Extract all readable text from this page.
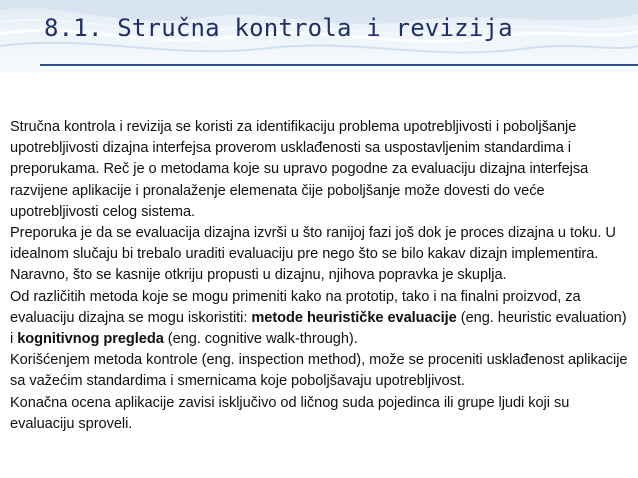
8.1. Stručna kontrola i revizija

Stručna kontrola i revizija se koristi za identifikaciju problema upotrebljivosti i poboljšanje upotrebljivosti dizajna interfejsa proverom usklađenosti sa uspostavljenim standardima i preporukama. Reč je o metodama koje su upravo pogodne za evaluaciju dizajna interfejsa razvijene aplikacije i pronalaženje elemenata čije poboljšanje može dovesti do veće upotrebljivosti celog sistema.

Preporuka je da se evaluacija dizajna izvrši u što ranijoj fazi još dok je proces dizajna u toku. U idealnom slučaju bi trebalo uraditi evaluaciju pre nego što se bilo kakav dizajn implementira. Naravno, što se kasnije otkriju propusti u dizajnu, njihova popravka je skuplja.

Od različitih metoda koje se mogu primeniti kako na prototip, tako i na finalni proizvod, za evaluaciju dizajna se mogu iskoristiti: metode heurističke evaluacije (eng. heuristic evaluation) i kognitivnog pregleda (eng. cognitive walk-through).

Korišćenjem metoda kontrole (eng. inspection method), može se proceniti usklađenost aplikacije sa važećim standardima i smernicama koje poboljšavaju upotrebljivost.

Konačna ocena aplikacije zavisi isključivo od ličnog suda pojedinca ili grupe ljudi koji su evaluaciju sproveli.
